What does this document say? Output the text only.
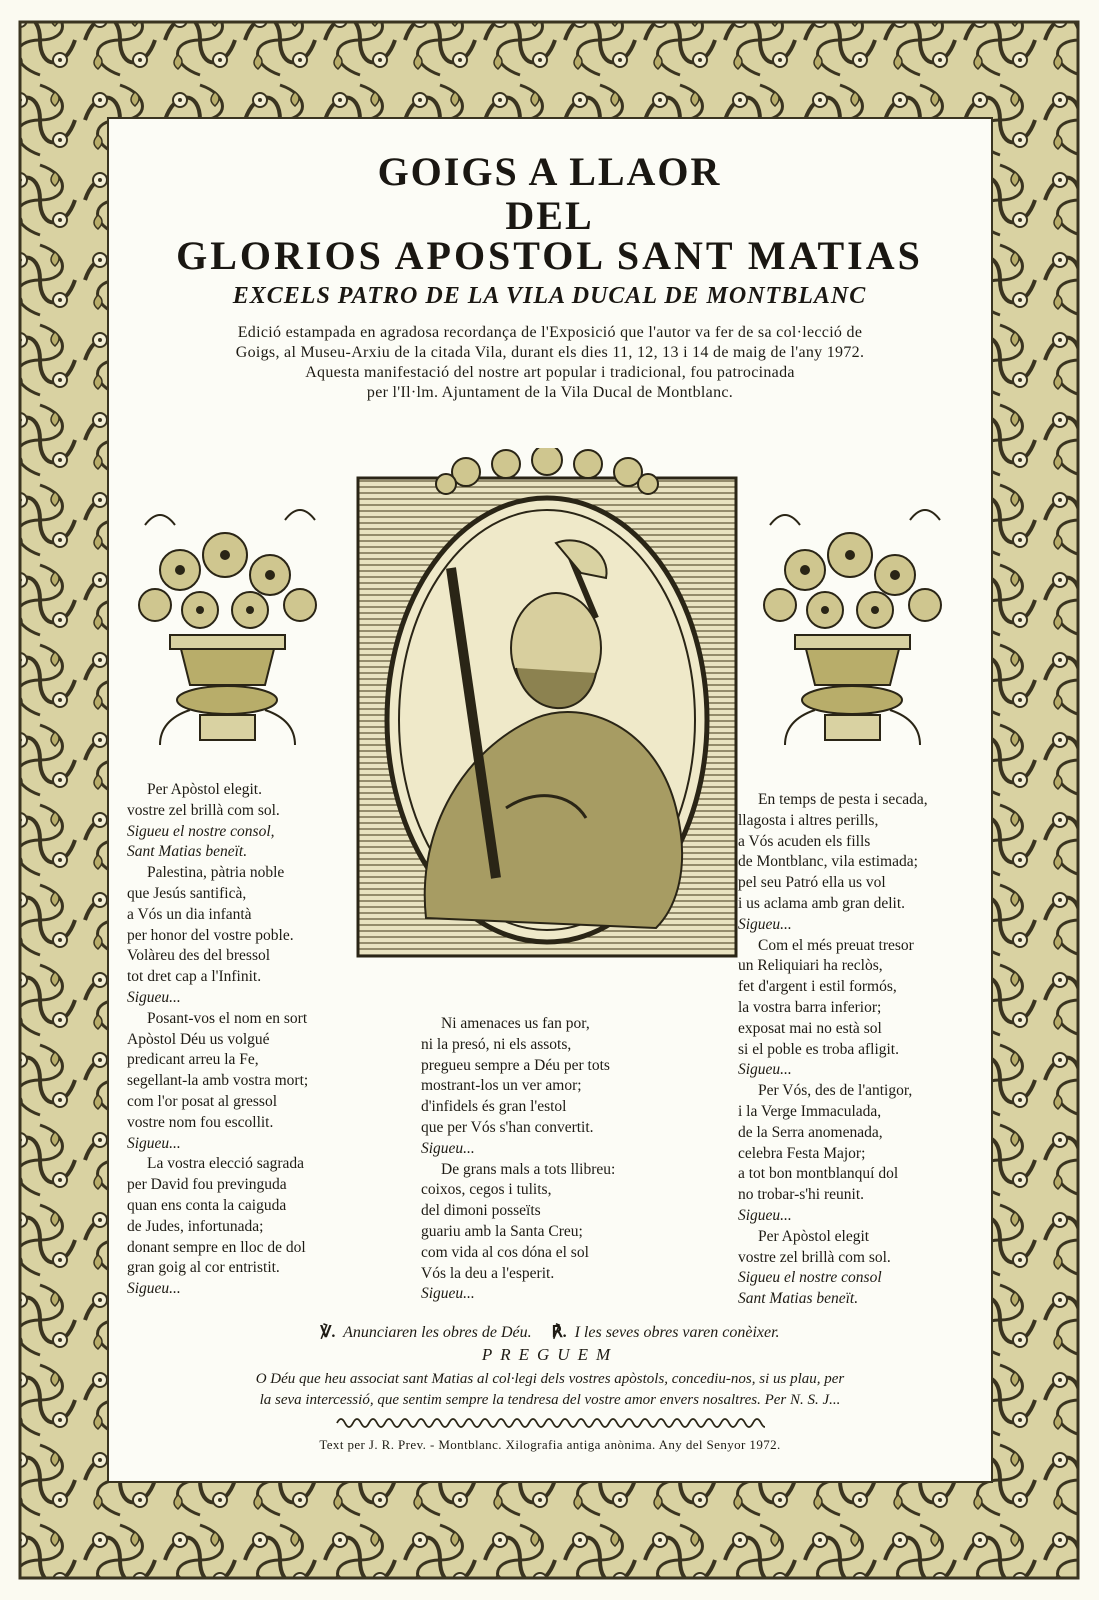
GOIGS A LLAOR
DEL
GLORIOS APOSTOL SANT MATIAS
EXCELS PATRO DE LA VILA DUCAL DE MONTBLANC
Edició estampada en agradosa recordança de l'Exposició que l'autor va fer de sa col·lecció de
Goigs, al Museu-Arxiu de la citada Vila, durant els dies 11, 12, 13 i 14 de maig de l'any 1972.
Aquesta manifestació del nostre art popular i tradicional, fou patrocinada
per l'Il·lm. Ajuntament de la Vila Ducal de Montblanc.
Per Apòstol elegit.
vostre zel brillà com sol.
Sigueu el nostre consol,
Sant Matias beneït.
Palestina, pàtria noble
que Jesús santificà,
a Vós un dia infantà
per honor del vostre poble.
Volàreu des del bressol
tot dret cap a l'Infinit.
Sigueu...
Posant-vos el nom en sort
Apòstol Déu us volgué
predicant arreu la Fe,
segellant-la amb vostra mort;
com l'or posat al gressol
vostre nom fou escollit.
Sigueu...
La vostra elecció sagrada
per David fou previnguda
quan ens conta la caiguda
de Judes, infortunada;
donant sempre en lloc de dol
gran goig al cor entristit.
Sigueu...
Ni amenaces us fan por,
ni la presó, ni els assots,
pregueu sempre a Déu per tots
mostrant-los un ver amor;
d'infidels és gran l'estol
que per Vós s'han convertit.
Sigueu...
De grans mals a tots llibreu:
coixos, cegos i tulits,
del dimoni posseïts
guariu amb la Santa Creu;
com vida al cos dóna el sol
Vós la deu a l'esperit.
Sigueu...
En temps de pesta i secada,
llagosta i altres perills,
a Vós acuden els fills
de Montblanc, vila estimada;
pel seu Patró ella us vol
i us aclama amb gran delit.
Sigueu...
Com el més preuat tresor
un Reliquiari ha reclòs,
fet d'argent i estil formós,
la vostra barra inferior;
exposat mai no està sol
si el poble es troba afligit.
Sigueu...
Per Vós, des de l'antigor,
i la Verge Immaculada,
de la Serra anomenada,
celebra Festa Major;
a tot bon montblanquí dol
no trobar-s'hi reunit.
Sigueu...
Per Apòstol elegit
vostre zel brillà com sol.
Sigueu el nostre consol
Sant Matias beneït.
℣. Anunciaren les obres de Déu. ℟. I les seves obres varen conèixer.
PREGUEM
O Déu que heu associat sant Matias al col·legi dels vostres apòstols, concediu-nos, si us plau, per
la seva intercessió, que sentim sempre la tendresa del vostre amor envers nosaltres. Per N. S. J...
Text per J. R. Prev. - Montblanc. Xilografia antiga anònima. Any del Senyor 1972.
